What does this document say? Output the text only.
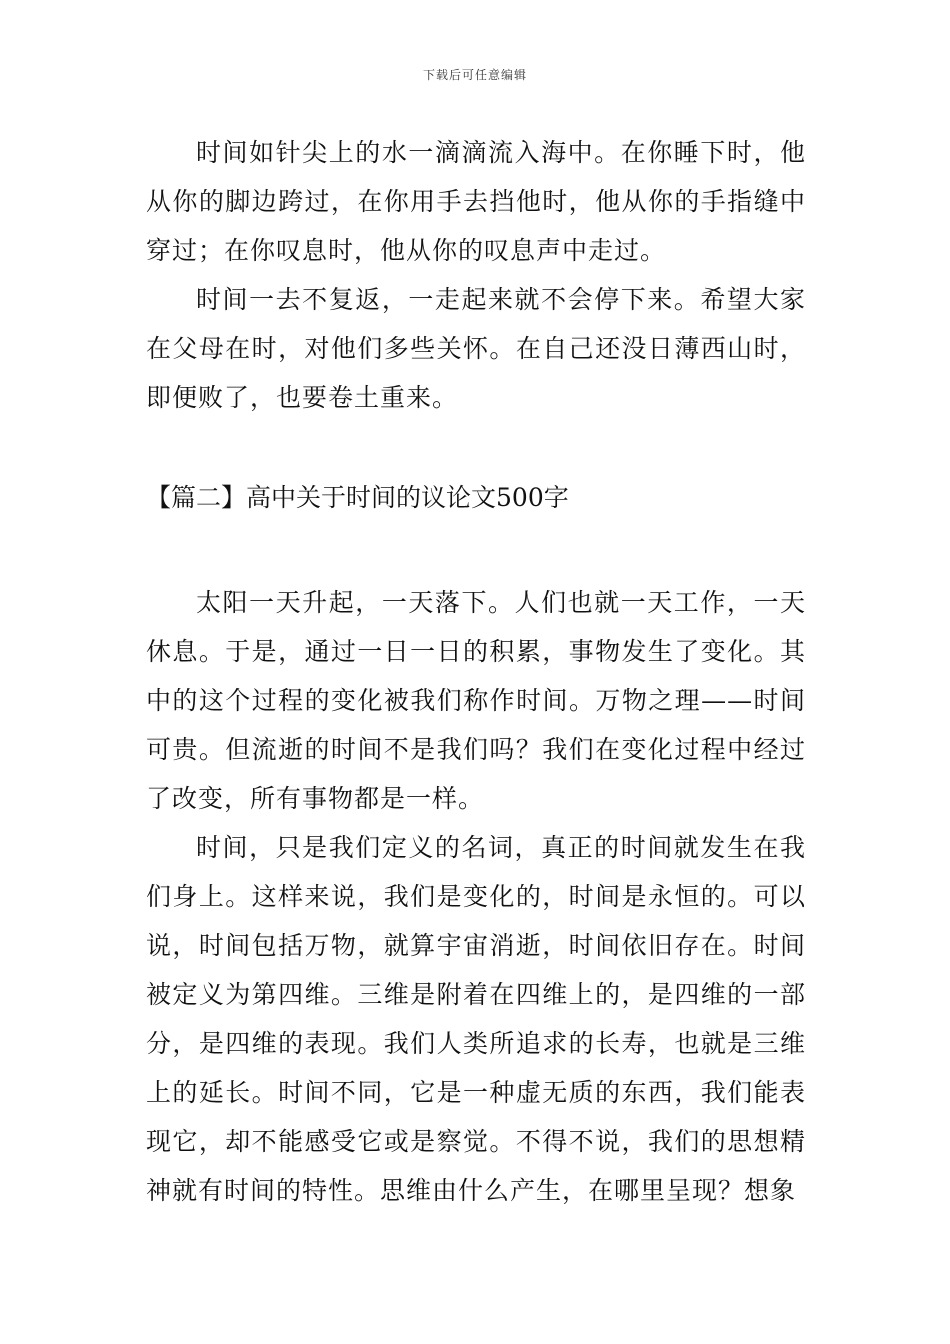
下载后可任意编辑

时间如针尖上的水一滴滴流入海中。在你睡下时，他从你的脚边跨过，在你用手去挡他时，他从你的手指缝中穿过；在你叹息时，他从你的叹息声中走过。

时间一去不复返，一走起来就不会停下来。希望大家在父母在时，对他们多些关怀。在自己还没日薄西山时，即便败了，也要卷土重来。

【篇二】高中关于时间的议论文500字

太阳一天升起，一天落下。人们也就一天工作，一天休息。于是，通过一日一日的积累，事物发生了变化。其中的这个过程的变化被我们称作时间。万物之理——时间可贵。但流逝的时间不是我们吗？我们在变化过程中经过了改变，所有事物都是一样。

时间，只是我们定义的名词，真正的时间就发生在我们身上。这样来说，我们是变化的，时间是永恒的。可以说，时间包括万物，就算宇宙消逝，时间依旧存在。时间被定义为第四维。三维是附着在四维上的，是四维的一部分，是四维的表现。我们人类所追求的长寿，也就是三维上的延长。时间不同，它是一种虚无质的东西，我们能表现它，却不能感受它或是察觉。不得不说，我们的思想精神就有时间的特性。思维由什么产生，在哪里呈现？想象
